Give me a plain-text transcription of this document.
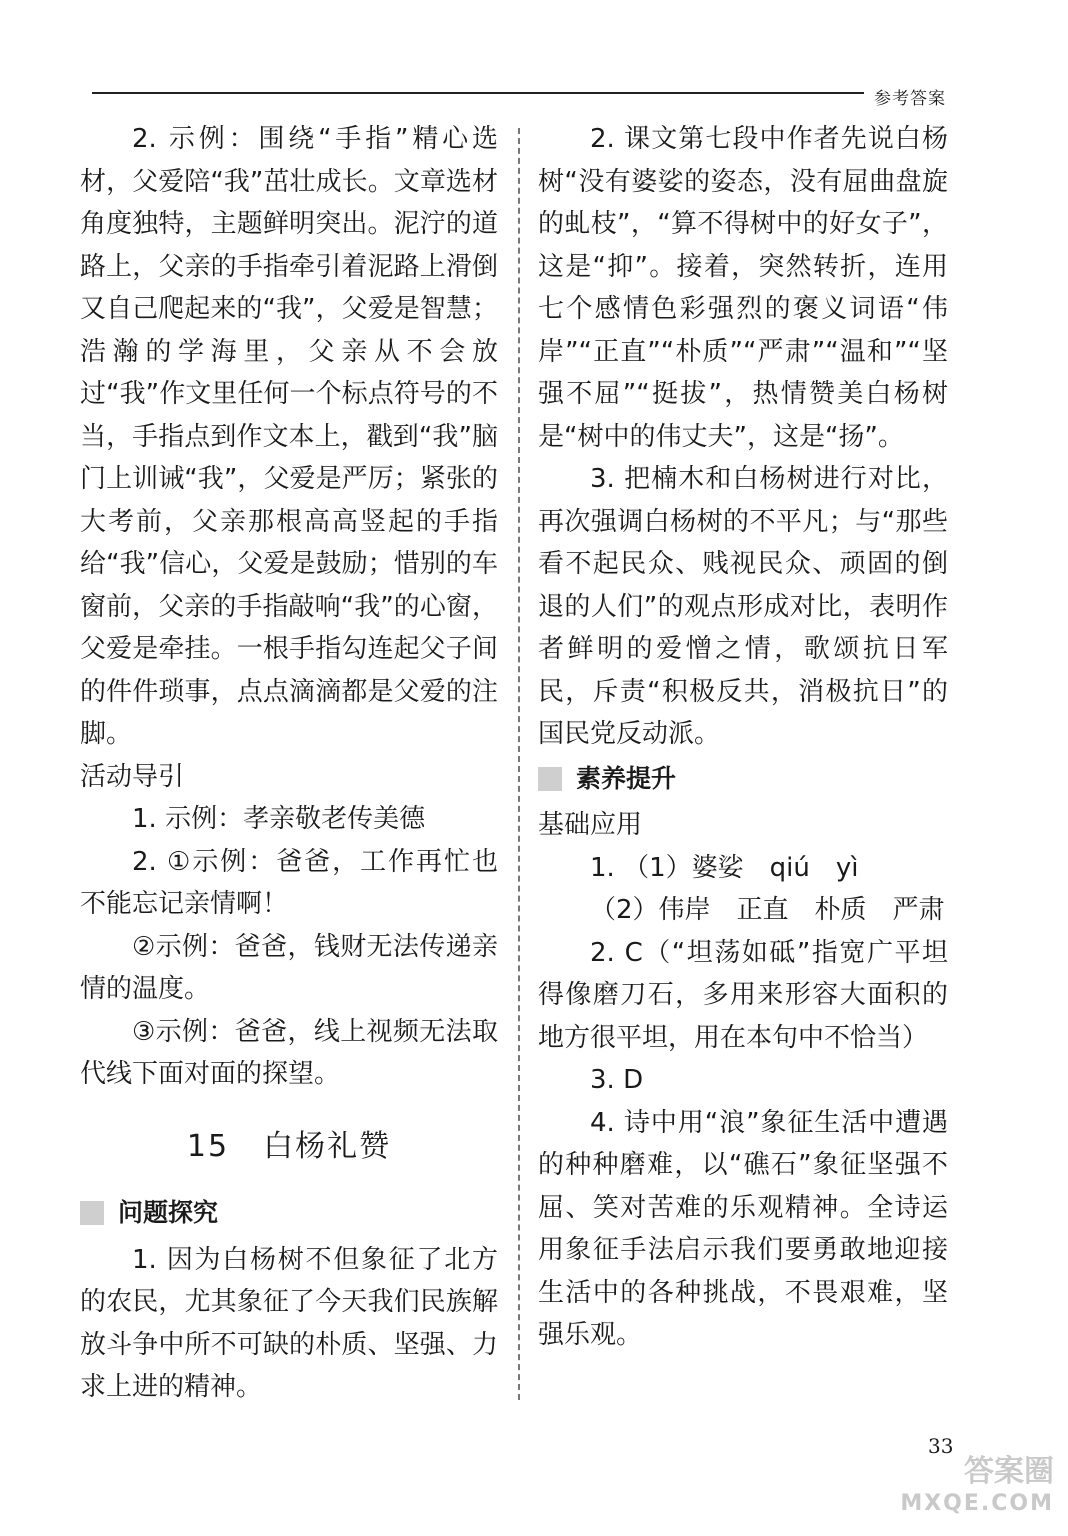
参考答案

2. 示例：围绕“手指”精心选材，父爱陪“我”茁壮成长。文章选材角度独特，主题鲜明突出。泥泞的道路上，父亲的手指牵引着泥路上滑倒又自己爬起来的“我”，父爱是智慧；浩瀚的学海里，父亲从不会放过“我”作文里任何一个标点符号的不当，手指点到作文本上，戳到“我”脑门上训诫“我”，父爱是严厉；紧张的大考前，父亲那根高高竖起的手指给“我”信心，父爱是鼓励；惜别的车窗前，父亲的手指敲响“我”的心窗，父爱是牵挂。一根手指勾连起父子间的件件琐事，点点滴滴都是父爱的注脚。

活动导引

1. 示例：孝亲敬老传美德

2. ①示例：爸爸，工作再忙也不能忘记亲情啊！

②示例：爸爸，钱财无法传递亲情的温度。

③示例：爸爸，线上视频无法取代线下面对面的探望。

15 白杨礼赞
问题探究

1. 因为白杨树不但象征了北方的农民，尤其象征了今天我们民族解放斗争中所不可缺的朴质、坚强、力求上进的精神。

2. 课文第七段中作者先说白杨树“没有婆娑的姿态，没有屈曲盘旋的虬枝”，“算不得树中的好女子”，这是“抑”。接着，突然转折，连用七个感情色彩强烈的褒义词语“伟岸”“正直”“朴质”“严肃”“温和”“坚强不屈”“挺拔”，热情赞美白杨树是“树中的伟丈夫”，这是“扬”。

3. 把楠木和白杨树进行对比，再次强调白杨树的不平凡；与“那些看不起民众、贱视民众、顽固的倒退的人们”的观点形成对比，表明作者鲜明的爱憎之情，歌颂抗日军民，斥责“积极反共，消极抗日”的国民党反动派。

素养提升

基础应用

1. （1）婆娑　qiú　yì

（2）伟岸　正直　朴质　严肃

2. C（“坦荡如砥”指宽广平坦得像磨刀石，多用来形容大面积的地方很平坦，用在本句中不恰当）

3. D

4. 诗中用“浪”象征生活中遭遇的种种磨难，以“礁石”象征坚强不屈、笑对苦难的乐观精神。全诗运用象征手法启示我们要勇敢地迎接生活中的各种挑战，不畏艰难，坚强乐观。

33
答案圈
MXQE.COM
